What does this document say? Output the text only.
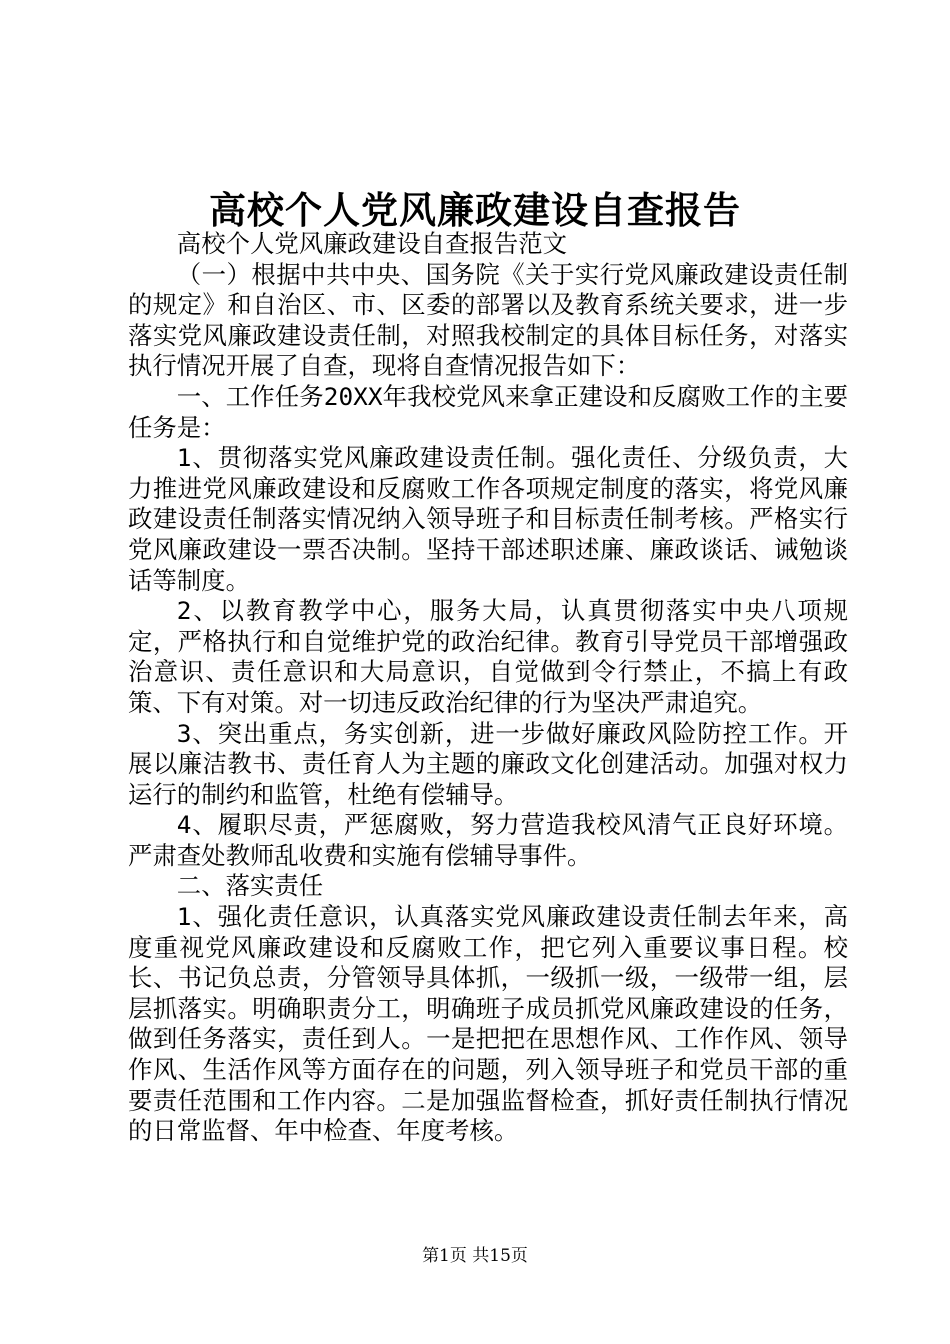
高校个人党风廉政建设自查报告

高校个人党风廉政建设自查报告范文

（一）根据中共中央、国务院《关于实行党风廉政建设责任制的规定》和自治区、市、区委的部署以及教育系统关要求，进一步落实党风廉政建设责任制，对照我校制定的具体目标任务，对落实执行情况开展了自查，现将自查情况报告如下：

一、工作任务20XX年我校党风来拿正建设和反腐败工作的主要任务是：

1、贯彻落实党风廉政建设责任制。强化责任、分级负责，大力推进党风廉政建设和反腐败工作各项规定制度的落实，将党风廉政建设责任制落实情况纳入领导班子和目标责任制考核。严格实行党风廉政建设一票否决制。坚持干部述职述廉、廉政谈话、诫勉谈话等制度。

2、以教育教学中心，服务大局，认真贯彻落实中央八项规定，严格执行和自觉维护党的政治纪律。教育引导党员干部增强政治意识、责任意识和大局意识，自觉做到令行禁止，不搞上有政策、下有对策。对一切违反政治纪律的行为坚决严肃追究。

3、突出重点，务实创新，进一步做好廉政风险防控工作。开展以廉洁教书、责任育人为主题的廉政文化创建活动。加强对权力运行的制约和监管，杜绝有偿辅导。

4、履职尽责，严惩腐败，努力营造我校风清气正良好环境。严肃查处教师乱收费和实施有偿辅导事件。

二、落实责任

1、强化责任意识，认真落实党风廉政建设责任制去年来，高度重视党风廉政建设和反腐败工作，把它列入重要议事日程。校长、书记负总责，分管领导具体抓，一级抓一级，一级带一组，层层抓落实。明确职责分工，明确班子成员抓党风廉政建设的任务，做到任务落实，责任到人。一是把把在思想作风、工作作风、领导作风、生活作风等方面存在的问题，列入领导班子和党员干部的重要责任范围和工作内容。二是加强监督检查，抓好责任制执行情况的日常监督、年中检查、年度考核。

第1页 共15页
